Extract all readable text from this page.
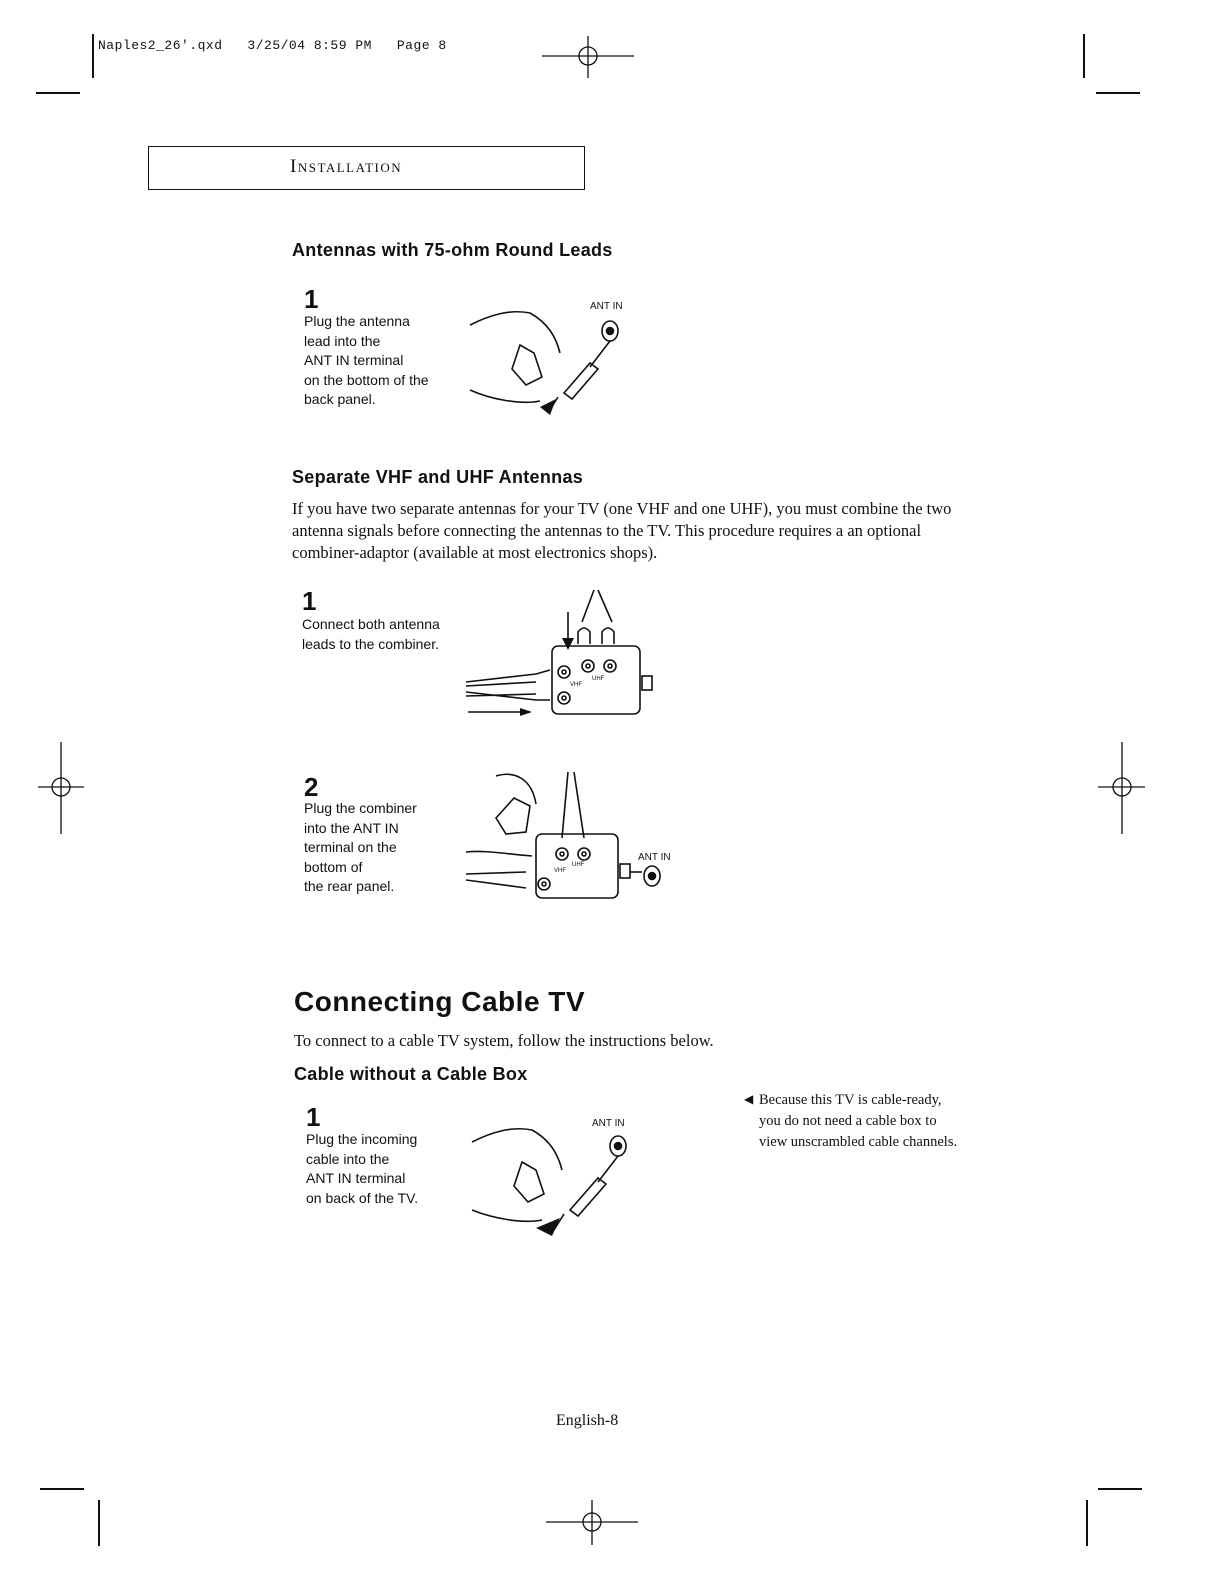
Naples2_26'.qxd   3/25/04 8:59 PM   Page 8
Installation
Antennas with 75-ohm Round Leads
1
Plug the antenna
lead into the
ANT IN terminal
on the bottom of the
back panel.
ANT IN
Separate VHF and UHF Antennas
If you have two separate antennas for your TV (one VHF and one UHF), you must combine the two antenna signals before connecting the antennas to the TV. This procedure requires a an optional combiner-adaptor (available at most electronics shops).
1
Connect both antenna
leads to the combiner.
VHF
UHF
2
Plug the combiner
into the ANT IN
terminal on the
bottom of
the rear panel.
VHF
UHF
ANT IN
Connecting Cable TV
To connect to a cable TV system, follow the instructions below.
Cable without a Cable Box
1
Plug the incoming
cable into the
ANT IN terminal
on back of the TV.
ANT IN
◀ Because this TV is cable-ready,
you do not need a cable box to
view unscrambled cable channels.
English-8
